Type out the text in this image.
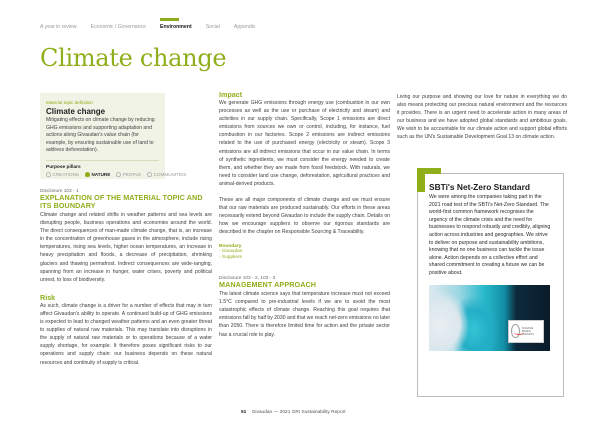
A year in review	Economic / Governance	Environment	Social	Appendix
Climate change
Material topic definition
Climate change
Mitigating effects on climate change by reducing GHG emissions and supporting adaptation and actions along Givaudan's value chain (for example, by ensuring sustainable use of land to address deforestation).
Purpose pillars
CREATIONS	NATURE	PEOPLE	COMMUNITIES
Disclosure 103 - 1
EXPLANATION OF THE MATERIAL TOPIC AND ITS BOUNDARY

Climate change and related shifts in weather patterns and sea levels are disrupting people, business operations and economies around the world. The direct consequences of man-made climate change, that is, an increase in the concentration of greenhouse gases in the atmosphere, include rising temperatures, rising sea levels, higher ocean temperatures, an increase in heavy precipitation and floods, a decrease of precipitation, shrinking glaciers and thawing permafrost. Indirect consequences are wide-ranging, spanning from an increase in hunger, water crises, poverty and political unrest, to loss of biodiversity.

Risk

As such, climate change is a driver for a number of effects that may in turn affect Givaudan's ability to operate. A continued build-up of GHG emissions is expected to lead to changed weather patterns and an even greater threat to supplies of natural raw materials. This may translate into disruptions in the supply of natural raw materials or to operations because of a water supply shortage, for example. It therefore poses significant risks to our operations and supply chain: our business depends on these natural resources and continuity of supply is critical.

Impact

We generate GHG emissions through energy use (combustion in our own processes as well as the use or purchase of electricity and steam) and activities in our supply chain. Specifically, Scope 1 emissions are direct emissions from sources we own or control, including, for instance, fuel combustion in our factories. Scope 2 emissions are indirect emissions related to the use of purchased energy (electricity or steam). Scope 3 emissions are all indirect emissions that occur in our value chain. In terms of synthetic ingredients, we must consider the energy needed to create them, and whether they are made from fossil feedstock. With naturals, we need to consider land use change, deforestation, agricultural practices and animal-derived products.

These are all major components of climate change and we must ensure that our raw materials are produced sustainably. Our efforts in these areas necessarily extend beyond Givaudan to include the supply chain. Details on how we encourage suppliers to observe our rigorous standards are described in the chapter on Responsible Sourcing & Traceability.

Boundary
- Givaudan
- Suppliers
Disclosure 103 - 2, 103 - 3
MANAGEMENT APPROACH

The latest climate science says that temperature increase must not exceed 1.5°C compared to pre-industrial levels if we are to avoid the most catastrophic effects of climate change. Reaching this goal requires that emissions fall by half by 2030 and that we reach net-zero emissions no later than 2050. There is therefore limited time for action and the private sector has a crucial role to play.

Living our purpose and showing our love for nature in everything we do also means protecting our precious natural environment and the resources it provides. There is an urgent need to accelerate action in many areas of our business and we have adopted global standards and ambitious goals. We wish to be accountable for our climate action and support global efforts such as the UN's Sustainable Development Goal 13 on climate action.

SBTi's Net-Zero Standard

We were among the companies taking part in the 2021 road test of the SBTi's Net-Zero Standard. The world-first common framework recognises the urgency of the climate crisis and the need for businesses to respond robustly and credibly, aligning action across industries and geographies. We strive to deliver on purpose and sustainability ambitions, knowing that no one business can tackle the issue alone. Action depends on a collective effort and shared commitment to creating a future we can be positive about.

SCIENCE BASED TARGETS
51 Givaudan — 2021 GRI Sustainability Report
